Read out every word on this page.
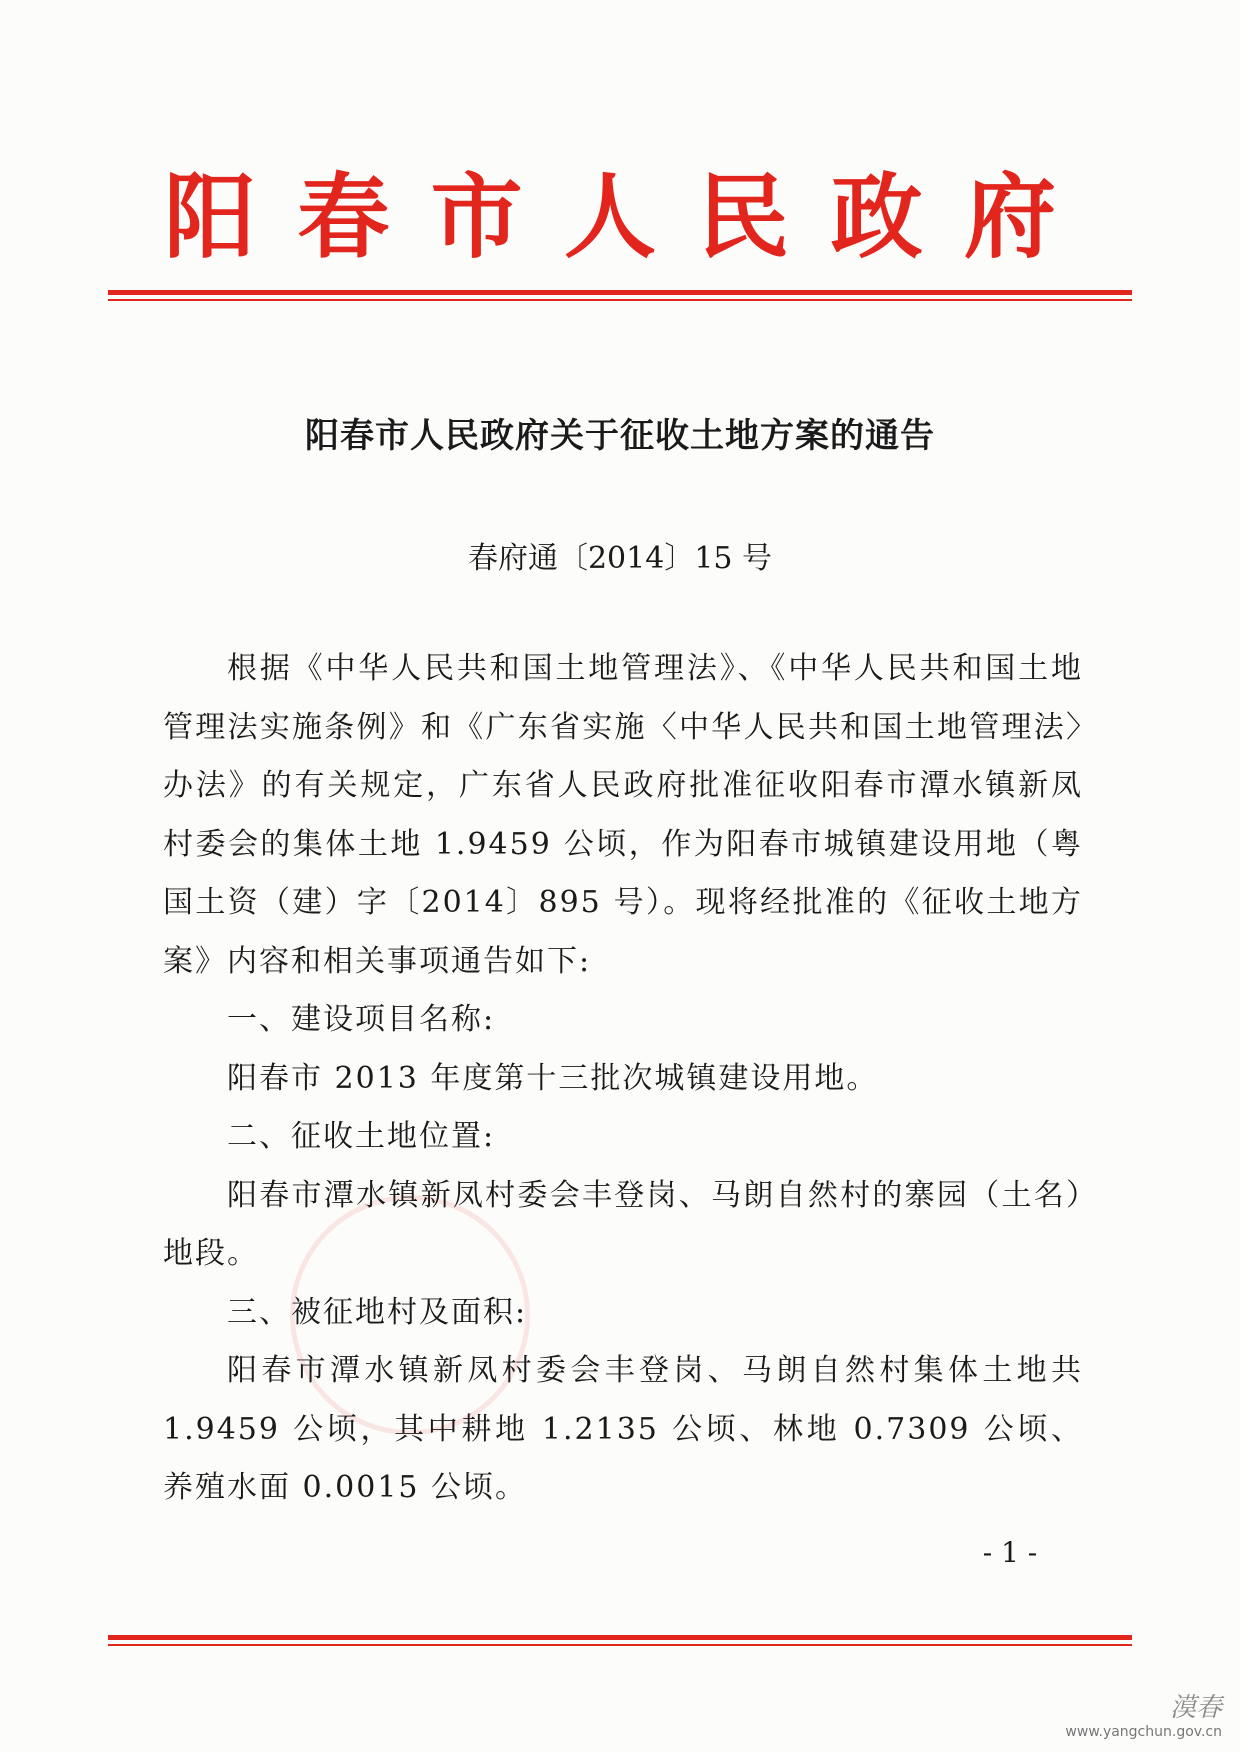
阳 春 市 人 民 政 府
阳春市人民政府关于征收土地方案的通告
春府通〔2014〕15 号

根据《中华人民共和国土地管理法》、《中华人民共和国土地管理法实施条例》和《广东省实施〈中华人民共和国土地管理法〉办法》的有关规定，广东省人民政府批准征收阳春市潭水镇新凤村委会的集体土地 1.9459 公顷，作为阳春市城镇建设用地（粤国土资（建）字〔2014〕895 号）。现将经批准的《征收土地方案》内容和相关事项通告如下:

一、建设项目名称:

阳春市 2013 年度第十三批次城镇建设用地。

二、征收土地位置:

阳春市潭水镇新凤村委会丰登岗、马朗自然村的寨园（土名）地段。

三、被征地村及面积:

阳春市潭水镇新凤村委会丰登岗、马朗自然村集体土地共 1.9459 公顷，其中耕地 1.2135 公顷、林地 0.7309 公顷、养殖水面 0.0015 公顷。

- 1 -
漠春
www.yangchun.gov.cn
